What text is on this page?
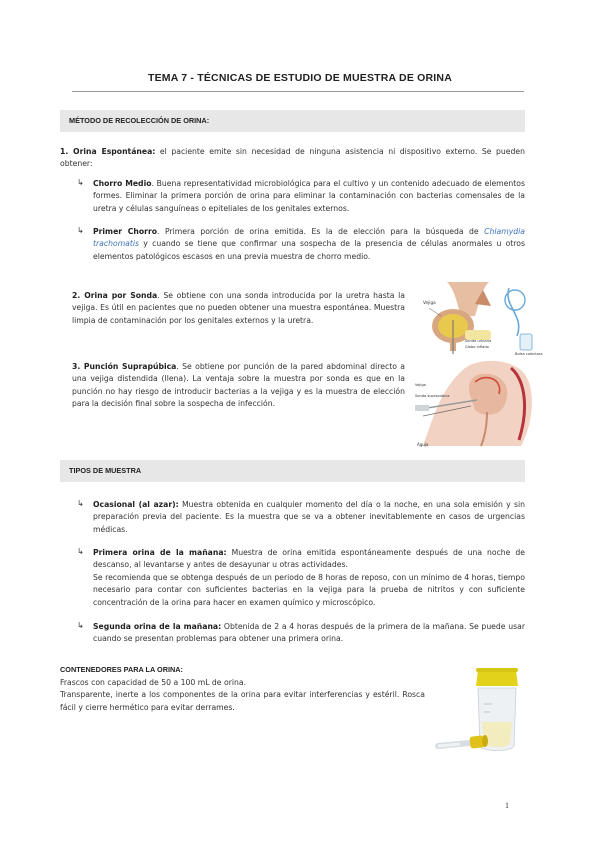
TEMA 7 - TÉCNICAS DE ESTUDIO DE MUESTRA DE ORINA
MÉTODO DE RECOLECCIÓN DE ORINA:
1. Orina Espontánea: el paciente emite sin necesidad de ninguna asistencia ni dispositivo externo. Se pueden obtener:
↳ Chorro Medio. Buena representatividad microbiológica para el cultivo y un contenido adecuado de elementos formes. Eliminar la primera porción de orina para eliminar la contaminación con bacterias comensales de la uretra y células sanguíneas o epiteliales de los genitales externos.
↳ Primer Chorro. Primera porción de orina emitida. Es la de elección para la búsqueda de Chlamydia trachomatis y cuando se tiene que confirmar una sospecha de la presencia de células anormales u otros elementos patológicos escasos en una previa muestra de chorro medio.
2. Orina por Sonda. Se obtiene con una sonda introducida por la uretra hasta la vejiga. Es útil en pacientes que no pueden obtener una muestra espontánea. Muestra limpia de contaminación por los genitales externos y la uretra.
3. Punción Suprapúbica. Se obtiene por punción de la pared abdominal directo a una vejiga distendida (llena). La ventaja sobre la muestra por sonda es que en la punción no hay riesgo de introducir bacterias a la vejiga y es la muestra de elección para la decisión final sobre la sospecha de infección.
Vejiga
Sonda urinaria
Globo inflado
Bolsa colectora
Aguja
Vejiga
Sonda suprapúbica
TIPOS DE MUESTRA
↳ Ocasional (al azar): Muestra obtenida en cualquier momento del día o la noche, en una sola emisión y sin preparación previa del paciente. Es la muestra que se va a obtener inevitablemente en casos de urgencias médicas.
↳ Primera orina de la mañana: Muestra de orina emitida espontáneamente después de una noche de descanso, al levantarse y antes de desayunar u otras actividades.
Se recomienda que se obtenga después de un periodo de 8 horas de reposo, con un mínimo de 4 horas, tiempo necesario para contar con suficientes bacterias en la vejiga para la prueba de nitritos y con suficiente concentración de la orina para hacer en examen químico y microscópico.
↳ Segunda orina de la mañana: Obtenida de 2 a 4 horas después de la primera de la mañana. Se puede usar cuando se presentan problemas para obtener una primera orina.
CONTENEDORES PARA LA ORINA:
Frascos con capacidad de 50 a 100 mL de orina.
Transparente, inerte a los componentes de la orina para evitar interferencias y estéril. Rosca fácil y cierre hermético para evitar derrames.
1
